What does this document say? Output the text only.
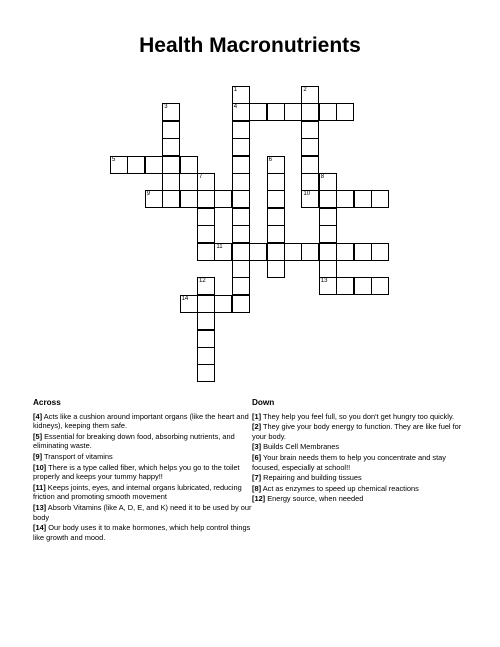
Health Macronutrients
4
5
9	10
11
13
14
1	2
3
6
7	8
12
Across
[4] Acts like a cushion around important organs (like the heart and kidneys), keeping them safe.
[5] Essential for breaking down food, absorbing nutrients, and eliminating waste.
[9] Transport of vitamins
[10] There is a type called fiber, which helps you go to the toilet properly and keeps your tummy happy!!
[11] Keeps joints, eyes, and internal organs lubricated, reducing friction and promoting smooth movement
[13] Absorb Vitamins (like A, D, E, and K) need it to be used by our body
[14] Our body uses it to make hormones, which help control things like growth and mood.
Down
[1] They help you feel full, so you don't get hungry too quickly.
[2] They give your body energy to function. They are like fuel for your body.
[3] Builds Cell Membranes
[6] Your brain needs them to help you concentrate and stay focused, especially at school!!
[7] Repairing and building tissues
[8] Act as enzymes to speed up chemical reactions
[12] Energy source, when needed
